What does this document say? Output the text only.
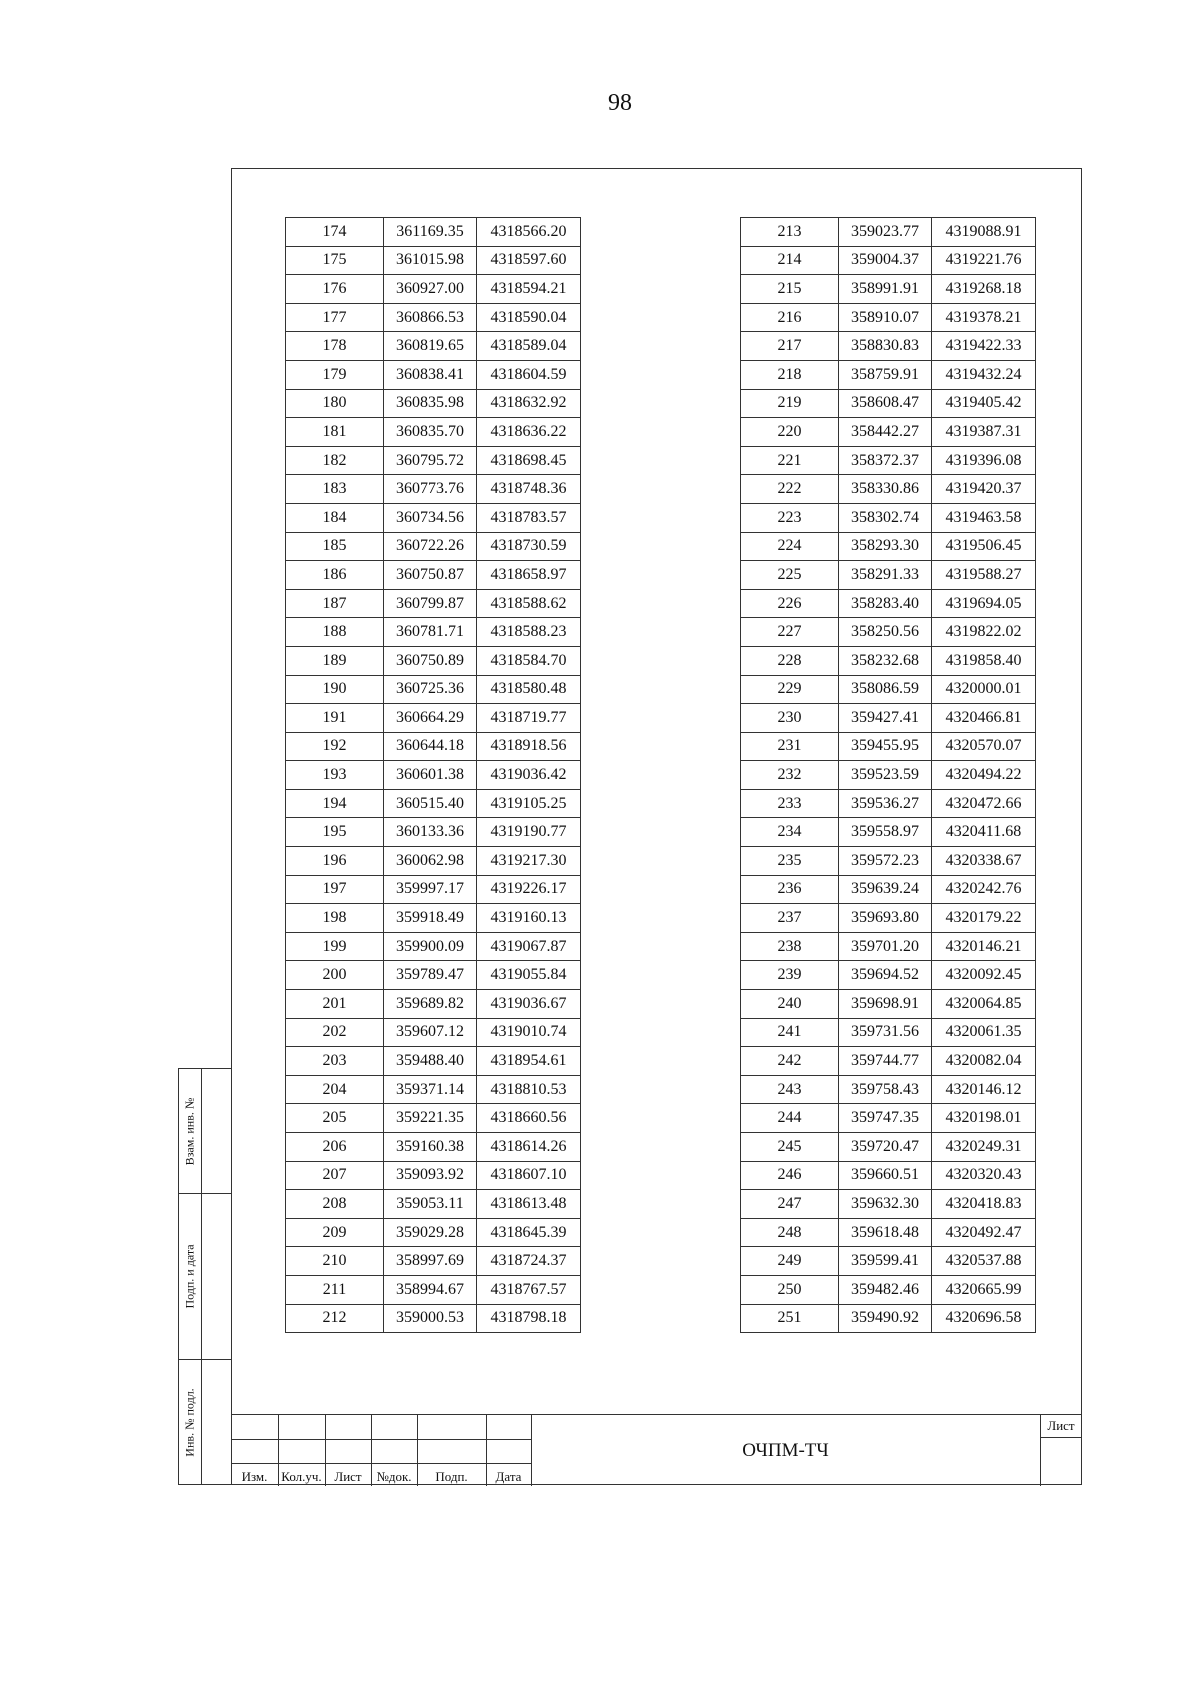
98
174	361169.35	4318566.20
175	361015.98	4318597.60
176	360927.00	4318594.21
177	360866.53	4318590.04
178	360819.65	4318589.04
179	360838.41	4318604.59
180	360835.98	4318632.92
181	360835.70	4318636.22
182	360795.72	4318698.45
183	360773.76	4318748.36
184	360734.56	4318783.57
185	360722.26	4318730.59
186	360750.87	4318658.97
187	360799.87	4318588.62
188	360781.71	4318588.23
189	360750.89	4318584.70
190	360725.36	4318580.48
191	360664.29	4318719.77
192	360644.18	4318918.56
193	360601.38	4319036.42
194	360515.40	4319105.25
195	360133.36	4319190.77
196	360062.98	4319217.30
197	359997.17	4319226.17
198	359918.49	4319160.13
199	359900.09	4319067.87
200	359789.47	4319055.84
201	359689.82	4319036.67
202	359607.12	4319010.74
203	359488.40	4318954.61
204	359371.14	4318810.53
205	359221.35	4318660.56
206	359160.38	4318614.26
207	359093.92	4318607.10
208	359053.11	4318613.48
209	359029.28	4318645.39
210	358997.69	4318724.37
211	358994.67	4318767.57
212	359000.53	4318798.18
213	359023.77	4319088.91
214	359004.37	4319221.76
215	358991.91	4319268.18
216	358910.07	4319378.21
217	358830.83	4319422.33
218	358759.91	4319432.24
219	358608.47	4319405.42
220	358442.27	4319387.31
221	358372.37	4319396.08
222	358330.86	4319420.37
223	358302.74	4319463.58
224	358293.30	4319506.45
225	358291.33	4319588.27
226	358283.40	4319694.05
227	358250.56	4319822.02
228	358232.68	4319858.40
229	358086.59	4320000.01
230	359427.41	4320466.81
231	359455.95	4320570.07
232	359523.59	4320494.22
233	359536.27	4320472.66
234	359558.97	4320411.68
235	359572.23	4320338.67
236	359639.24	4320242.76
237	359693.80	4320179.22
238	359701.20	4320146.21
239	359694.52	4320092.45
240	359698.91	4320064.85
241	359731.56	4320061.35
242	359744.77	4320082.04
243	359758.43	4320146.12
244	359747.35	4320198.01
245	359720.47	4320249.31
246	359660.51	4320320.43
247	359632.30	4320418.83
248	359618.48	4320492.47
249	359599.41	4320537.88
250	359482.46	4320665.99
251	359490.92	4320696.58
Взам. инв. №
Подп. и дата
Инв. № подл.
Изм.	Кол.уч. Лист	№док.	Подп.	Дата
ОЧПМ-ТЧ
Лист
